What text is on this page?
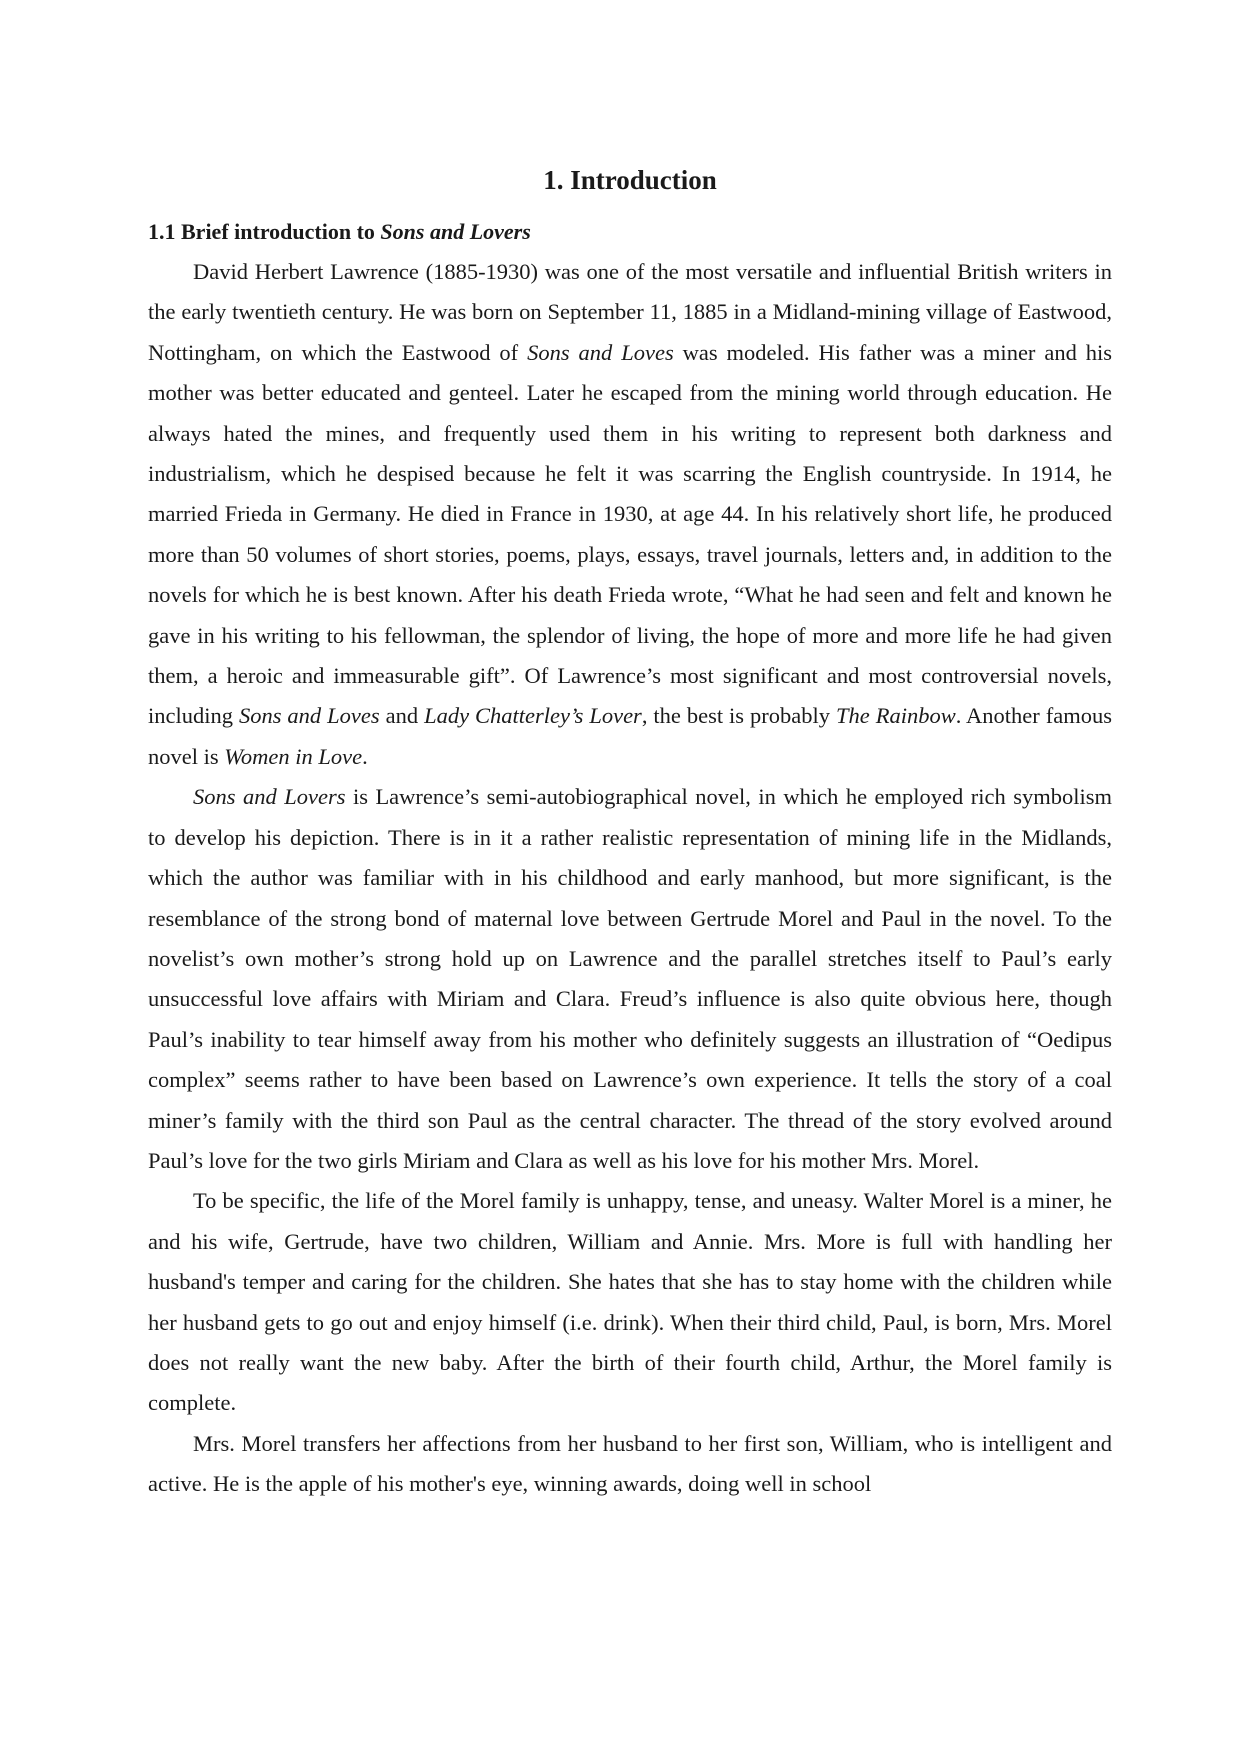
1. Introduction
1.1 Brief introduction to Sons and Lovers

David Herbert Lawrence (1885-1930) was one of the most versatile and influential British writers in the early twentieth century. He was born on September 11, 1885 in a Midland-mining village of Eastwood, Nottingham, on which the Eastwood of Sons and Loves was modeled. His father was a miner and his mother was better educated and genteel. Later he escaped from the mining world through education. He always hated the mines, and frequently used them in his writing to represent both darkness and industrialism, which he despised because he felt it was scarring the English countryside. In 1914, he married Frieda in Germany. He died in France in 1930, at age 44. In his relatively short life, he produced more than 50 volumes of short stories, poems, plays, essays, travel journals, letters and, in addition to the novels for which he is best known. After his death Frieda wrote, “What he had seen and felt and known he gave in his writing to his fellowman, the splendor of living, the hope of more and more life he had given them, a heroic and immeasurable gift”. Of Lawrence’s most significant and most controversial novels, including Sons and Loves and Lady Chatterley’s Lover, the best is probably The Rainbow. Another famous novel is Women in Love.

Sons and Lovers is Lawrence’s semi-autobiographical novel, in which he employed rich symbolism to develop his depiction. There is in it a rather realistic representation of mining life in the Midlands, which the author was familiar with in his childhood and early manhood, but more significant, is the resemblance of the strong bond of maternal love between Gertrude Morel and Paul in the novel. To the novelist’s own mother’s strong hold up on Lawrence and the parallel stretches itself to Paul’s early unsuccessful love affairs with Miriam and Clara. Freud’s influence is also quite obvious here, though Paul’s inability to tear himself away from his mother who definitely suggests an illustration of “Oedipus complex” seems rather to have been based on Lawrence’s own experience. It tells the story of a coal miner’s family with the third son Paul as the central character. The thread of the story evolved around Paul’s love for the two girls Miriam and Clara as well as his love for his mother Mrs. Morel.

To be specific, the life of the Morel family is unhappy, tense, and uneasy. Walter Morel is a miner, he and his wife, Gertrude, have two children, William and Annie. Mrs. More is full with handling her husband's temper and caring for the children. She hates that she has to stay home with the children while her husband gets to go out and enjoy himself (i.e. drink). When their third child, Paul, is born, Mrs. Morel does not really want the new baby. After the birth of their fourth child, Arthur, the Morel family is complete.

Mrs. Morel transfers her affections from her husband to her first son, William, who is intelligent and active. He is the apple of his mother's eye, winning awards, doing well in school
